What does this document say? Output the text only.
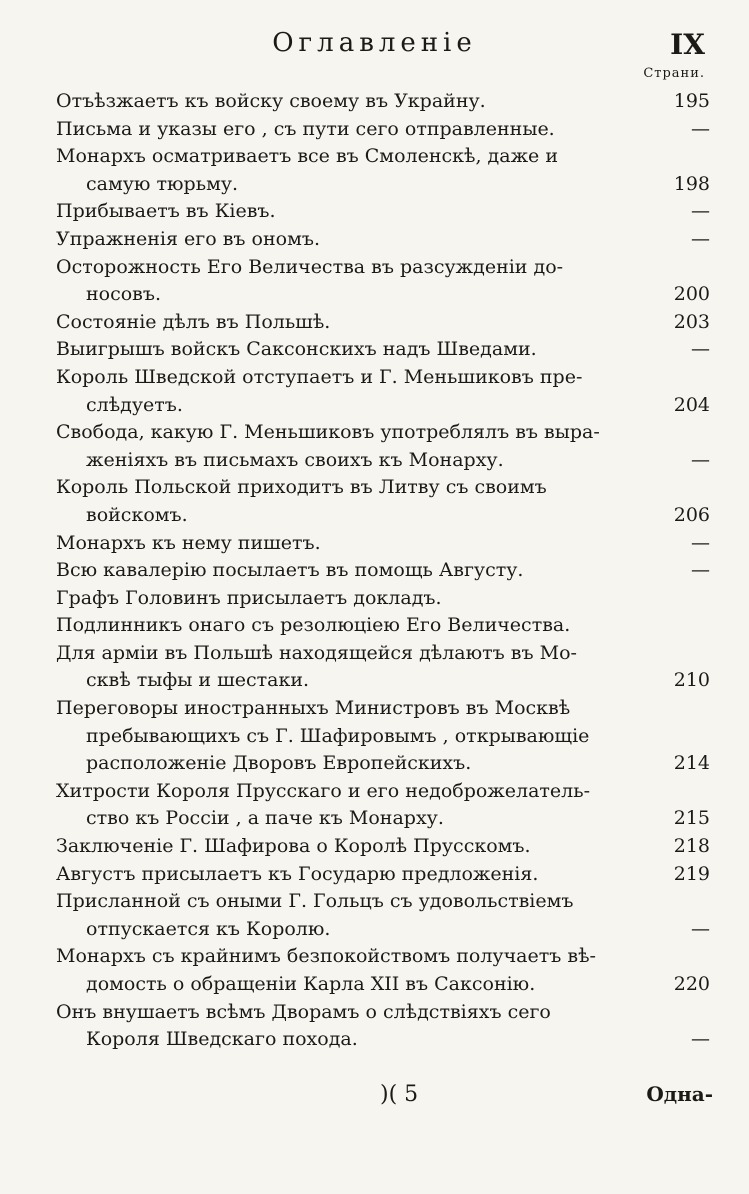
Оглавленіе	IX
Страни.
Отъѣзжаетъ къ войску своему въ Украйну.	195
Письма и указы его , съ пути сего отправленные.	—
Монархъ осматриваетъ все въ Смоленскѣ, даже и
самую тюрьму.	198
Прибываетъ въ Кіевъ.	—
Упражненія его въ ономъ.	—
Осторожность Его Величества въ разсужденіи до-
носовъ.	200
Состояніе дѣлъ въ Польшѣ.	203
Выигрышъ войскъ Саксонскихъ надъ Шведами.	—
Король Шведской отступаетъ и Г. Меньшиковъ пре-
слѣдуетъ.	204
Свобода, какую Г. Меньшиковъ употреблялъ въ выра-
женіяхъ въ письмахъ своихъ къ Монарху.	—
Король Польской приходитъ въ Литву съ своимъ
войскомъ.	206
Монархъ къ нему пишетъ.	—
Всю кавалерію посылаетъ въ помощь Августу.	—
Графъ Головинъ присылаетъ докладъ.
Подлинникъ онаго съ резолюціею Его Величества.
Для арміи въ Польшѣ находящейся дѣлаютъ въ Мо-
сквѣ тыфы и шестаки.	210
Переговоры иностранныхъ Министровъ въ Москвѣ
пребывающихъ съ Г. Шафировымъ , открывающіе
расположеніе Дворовъ Европейскихъ.	214
Хитрости Короля Прусскаго и его недоброжелатель-
ство къ Россіи , а паче къ Монарху.	215
Заключеніе Г. Шафирова о Королѣ Прусскомъ.	218
Августъ присылаетъ къ Государю предложенія.	219
Присланной съ оными Г. Гольцъ съ удовольствіемъ
отпускается къ Королю.	—
Монархъ съ крайнимъ безпокойствомъ получаетъ вѣ-
домость о обращеніи Карла XII въ Саксонію.	220
Онъ внушаетъ всѣмъ Дворамъ о слѣдствіяхъ сего
Короля Шведскаго похода.	—
)( 5	Одна-
